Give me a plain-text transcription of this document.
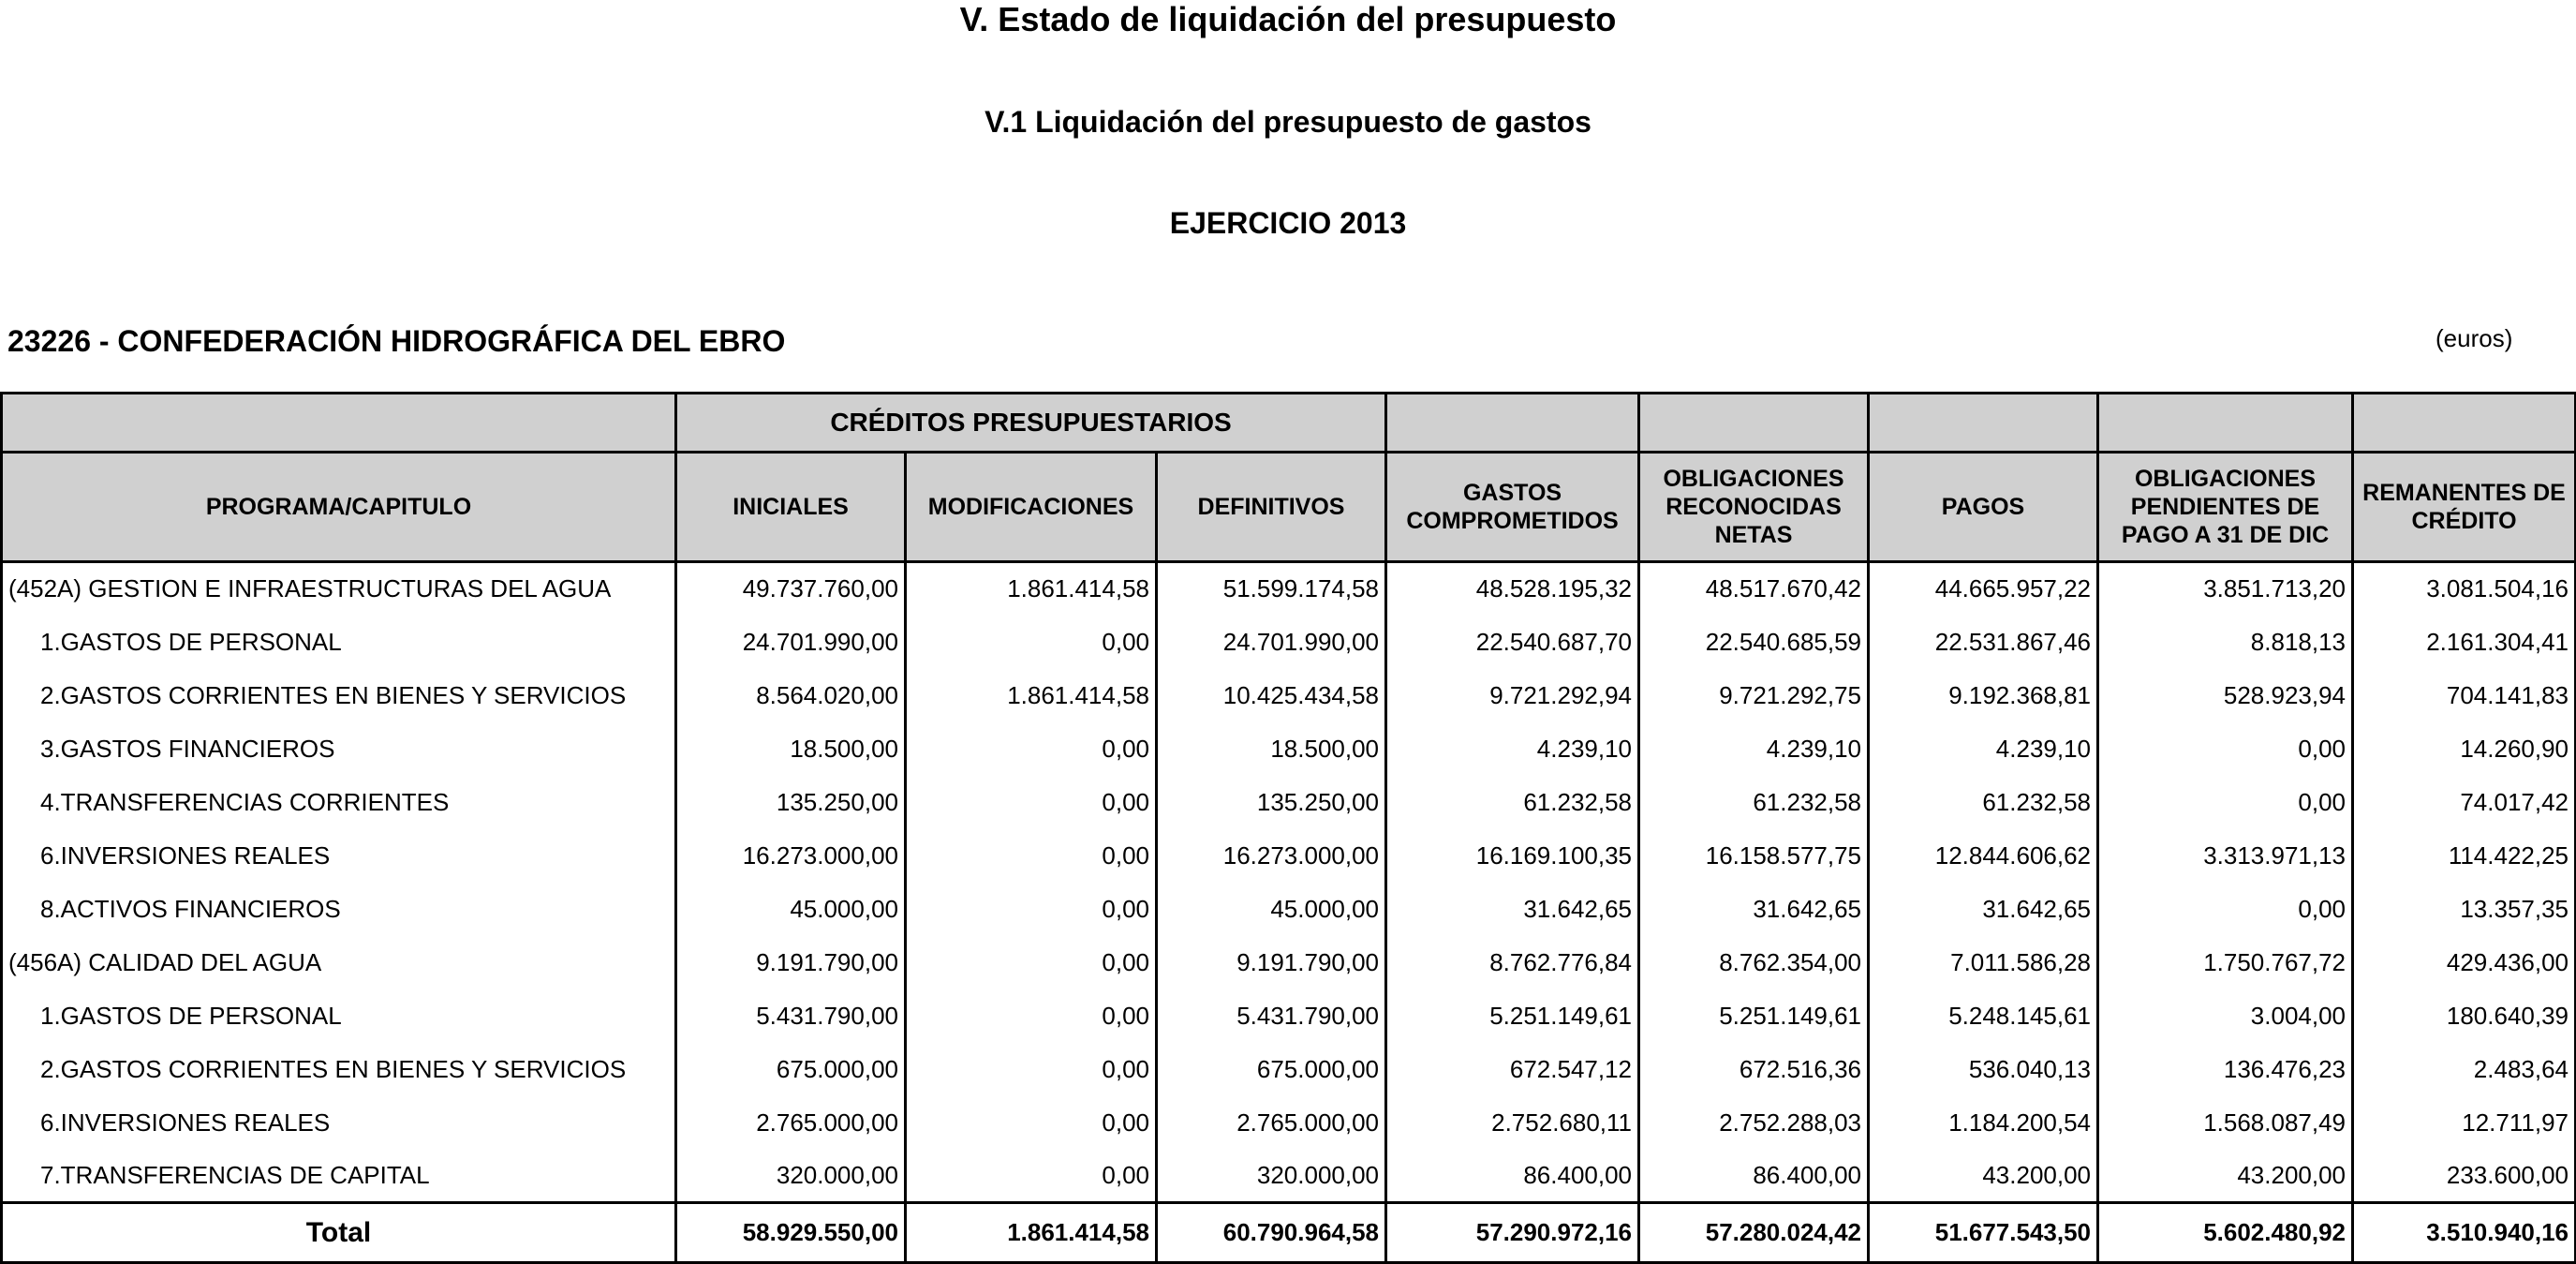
V. Estado de liquidación del presupuesto
V.1 Liquidación del presupuesto de gastos
EJERCICIO 2013
23226 - CONFEDERACIÓN HIDROGRÁFICA DEL EBRO	(euros)
	CRÉDITOS PRESUPUESTARIOS							
PROGRAMA/CAPITULO	INICIALES	MODIFICACIONES	DEFINITIVOS	GASTOS COMPROMETIDOS	OBLIGACIONES RECONOCIDAS NETAS	PAGOS	OBLIGACIONES PENDIENTES DE PAGO A 31 DE DIC	REMANENTES DE CRÉDITO
(452A) GESTION E INFRAESTRUCTURAS DEL AGUA	49.737.760,00	1.861.414,58	51.599.174,58	48.528.195,32	48.517.670,42	44.665.957,22	3.851.713,20	3.081.504,16
1.GASTOS DE PERSONAL	24.701.990,00	0,00	24.701.990,00	22.540.687,70	22.540.685,59	22.531.867,46	8.818,13	2.161.304,41
2.GASTOS CORRIENTES EN BIENES Y SERVICIOS	8.564.020,00	1.861.414,58	10.425.434,58	9.721.292,94	9.721.292,75	9.192.368,81	528.923,94	704.141,83
3.GASTOS FINANCIEROS	18.500,00	0,00	18.500,00	4.239,10	4.239,10	4.239,10	0,00	14.260,90
4.TRANSFERENCIAS CORRIENTES	135.250,00	0,00	135.250,00	61.232,58	61.232,58	61.232,58	0,00	74.017,42
6.INVERSIONES REALES	16.273.000,00	0,00	16.273.000,00	16.169.100,35	16.158.577,75	12.844.606,62	3.313.971,13	114.422,25
8.ACTIVOS FINANCIEROS	45.000,00	0,00	45.000,00	31.642,65	31.642,65	31.642,65	0,00	13.357,35
(456A) CALIDAD DEL AGUA	9.191.790,00	0,00	9.191.790,00	8.762.776,84	8.762.354,00	7.011.586,28	1.750.767,72	429.436,00
1.GASTOS DE PERSONAL	5.431.790,00	0,00	5.431.790,00	5.251.149,61	5.251.149,61	5.248.145,61	3.004,00	180.640,39
2.GASTOS CORRIENTES EN BIENES Y SERVICIOS	675.000,00	0,00	675.000,00	672.547,12	672.516,36	536.040,13	136.476,23	2.483,64
6.INVERSIONES REALES	2.765.000,00	0,00	2.765.000,00	2.752.680,11	2.752.288,03	1.184.200,54	1.568.087,49	12.711,97
7.TRANSFERENCIAS DE CAPITAL	320.000,00	0,00	320.000,00	86.400,00	86.400,00	43.200,00	43.200,00	233.600,00
Total	58.929.550,00	1.861.414,58	60.790.964,58	57.290.972,16	57.280.024,42	51.677.543,50	5.602.480,92	3.510.940,16
